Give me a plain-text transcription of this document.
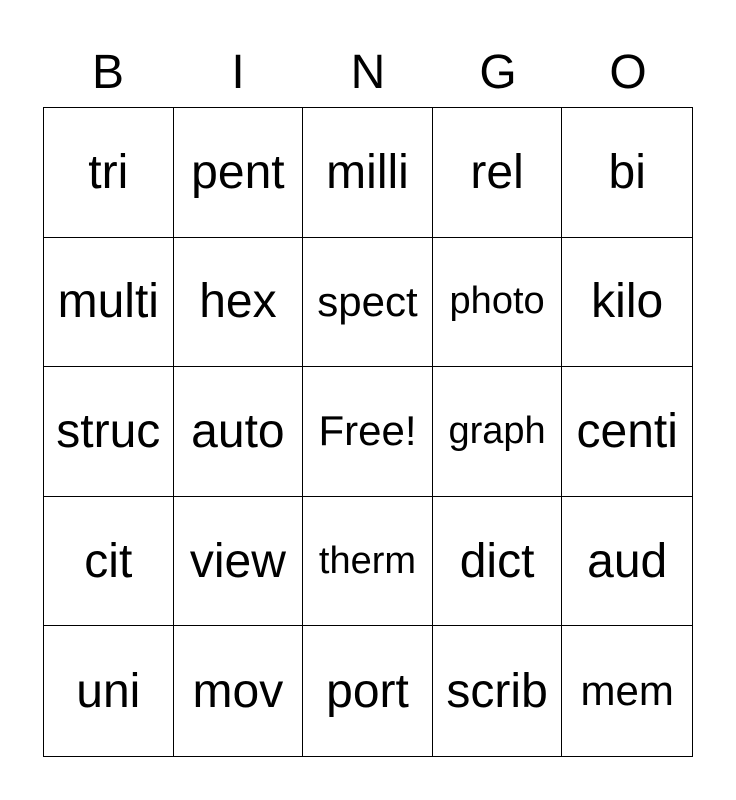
B	I	N	G	O
tri	pent milli	rel	bi
multi hex spect photo kilo
struc auto Free! graph centi
cit	view therm dict	aud
uni	mov port scrib mem
